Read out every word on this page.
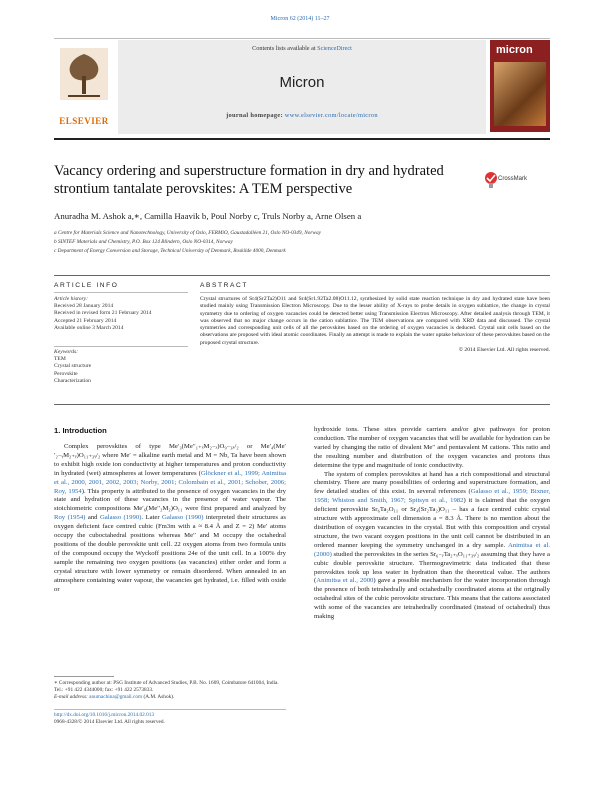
Micron 62 (2014) 11–27
ELSEVIER
Contents lists available at ScienceDirect
Micron
journal homepage: www.elsevier.com/locate/micron
micron
Vacancy ordering and superstructure formation in dry and hydrated strontium tantalate perovskites: A TEM perspective
CrossMark
Anuradha M. Ashok a,∗, Camilla Haavik b, Poul Norby c, Truls Norby a, Arne Olsen a
a Centre for Materials Science and Nanotechnology, University of Oslo, FERMiO, Gaustadalléen 21, Oslo NO-0349, Norway
b SINTEF Materials and Chemistry, P.O. Box 124 Blindern, Oslo NO-0314, Norway
c Department of Energy Conversion and Storage, Technical University of Denmark, Roskilde 4000, Denmark
ARTICLE INFO
Article history:
Received 28 January 2014
Received in revised form 21 February 2014
Accepted 21 February 2014
Available online 3 March 2014
Keywords:
TEM
Crystal structure
Perovskite
Characterization
ABSTRACT
Crystal structures of Sr4(Sr2Ta2)O11 and Sr4(Sr1.92Ta2.08)O11.12, synthesized by solid state reaction technique in dry and hydrated state have been studied mainly using Transmission Electron Microscopy. Due to the lesser ability of X-rays to probe details in oxygen sublattice, the change in crystal symmetry due to ordering of oxygen vacancies could be detected better using Transmission Electron Microscopy. After detailed analysis through TEM, it was observed that no major change occurs in the cation sublattice. The TEM observations are compared with XRD data and discussed. The crystal symmetries and corresponding unit cells of all the perovskites based on the ordering of oxygen vacancies is deduced. Crystal unit cells based on the observations are proposed with ideal atomic coordinates. Finally an attempt is made to explain the water uptake behaviour of these perovskites based on the proposed crystal structure.
© 2014 Elsevier Ltd. All rights reserved.
1. Introduction

Complex perovskites of type Me′₃(Me′′₁₊ₓM₂₋ₓ)O₉₋₃ₓ/₂ or Me′₄(Me′′₂₋ᵧM₂₊ᵧ)O₁₁₊₃ᵧ/₂ where Me′ = alkaline earth metal and M = Nb, Ta have been shown to exhibit high oxide ion conductivity at higher temperatures and proton conductivity in hydrated (wet) atmospheres at lower temperatures (Glöckner et al., 1999; Animitsa et al., 2000, 2001, 2002, 2003; Norby, 2001; Colombain et al., 2001; Schober, 2006; Roy, 1954). This property is attributed to the presence of oxygen vacancies in the dry state and hydration of these vacancies in the presence of water vapour. The stoichiometric compositions Me′₆(Me′′₂M₂)O₁₁ were first prepared and analyzed by Roy (1954) and Galasso (1990). Later Galasso (1990) interpreted their structures as oxygen deficient face centred cubic (Fm3m with a ≈ 8.4 Å and Z = 2) Me′ atoms occupy the cuboctahedral positions whereas Me′′ and M occupy the octahedral positions of the double perovskite unit cell. 22 oxygen atoms from two formula units of the compound occupy the Wyckoff positions 24e of the unit cell. In a 100% dry sample the remaining two oxygen positions (as vacancies) either order and form a crystal structure with lower symmetry or remain disordered. When annealed in an atmosphere containing water vapour, the vacancies get hydrated, i.e. filled with oxide or

hydroxide ions. These sites provide carriers and/or give pathways for proton conduction. The number of oxygen vacancies that will be available for hydration can be varied by changing the ratio of divalent Me′′ and pentavalent M cations. This ratio and the resulting number and distribution of the oxygen vacancies and protons thus determine the type and magnitude of ionic conductivity.

The system of complex perovskites at hand has a rich compositional and structural chemistry. There are many possibilities of ordering and superstructure formation, and few detailed studies of this exist. In several references (Galasso et al., 1959; Bixner, 1958; Whiston and Smith, 1967; Spitsyn et al., 1982) it is claimed that the oxygen deficient perovskite Sr₆Ta₂O₁₁ or Sr₄(Sr₂Ta₂)O₁₁ – has a face centred cubic crystal structure with approximate cell dimension a = 8.3 Å. There is no mention about the distribution of oxygen vacancies in the crystal. But with this composition and crystal structure, the two vacant oxygen positions in the unit cell cannot be distributed in an ordered manner keeping the symmetry unchanged in a dry sample. Animitsa et al. (2000) studied the perovskites in the series Sr₆₋ᵧTa₂₊ᵧO₁₁₊₃ᵧ/₂ assuming that they have a cubic double perovskite structure. Thermogravimetric data indicated that these perovskites took up less water in hydration than the theoretical value. The authors (Animitsa et al., 2000) gave a possible mechanism for the water incorporation through the presence of both tetrahedrally and octahedrally coordinated atoms at the originally octahedral sites of the cubic perovskite structure. This means that the cations associated with some of the vacancies are tetrahedrally coordinated (instead of octahedral) thus making

∗ Corresponding author at: PSG Institute of Advanced Studies, P.B. No. 1609, Coimbatore 641004, India. Tel.: +91 422 4344000; fax: +91 422 2573833.
E-mail address: anumachina@gmail.com (A.M. Ashok).
http://dx.doi.org/10.1016/j.micron.2014.02.013
0968-4328/© 2014 Elsevier Ltd. All rights reserved.
